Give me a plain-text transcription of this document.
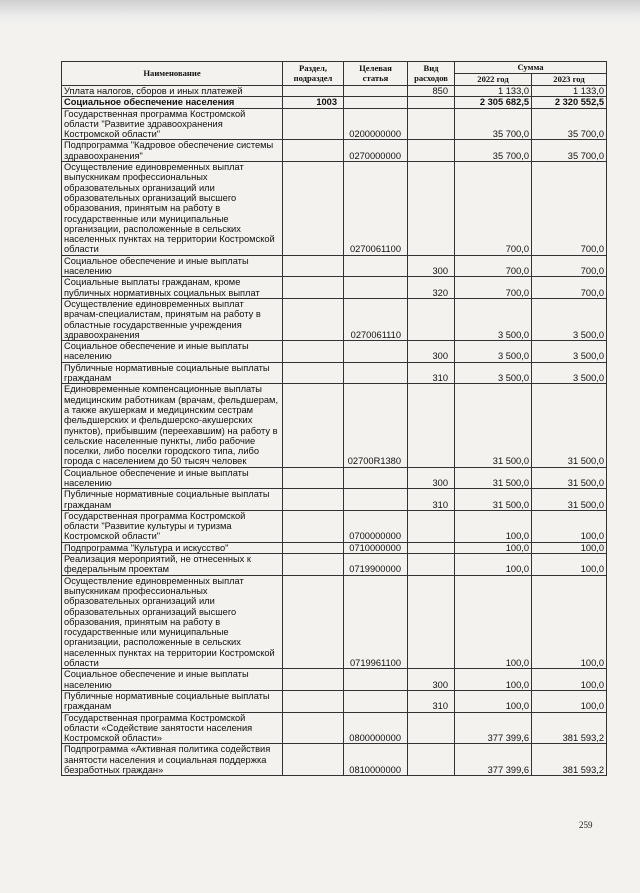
Наименование	Раздел, подраздел	Целевая статья	Вид расходов	Сумма	
				2022 год	2023 год
Уплата налогов, сборов и иных платежей			850	1 133,0	1 133,0
Социальное обеспечение населения	1003			2 305 682,5	2 320 552,5
Государственная программа Костромской области "Развитие здравоохранения Костромской области"		0200000000		35 700,0	35 700,0
Подпрограмма "Кадровое обеспечение системы здравоохранения"		0270000000		35 700,0	35 700,0
Осуществление единовременных выплат выпускникам профессиональных образовательных организаций или образовательных организаций высшего образования, принятым на работу в государственные или муниципальные организации, расположенные в сельских населенных пунктах на территории Костромской области		0270061100		700,0	700,0
Социальное обеспечение и иные выплаты населению			300	700,0	700,0
Социальные выплаты гражданам, кроме публичных нормативных социальных выплат			320	700,0	700,0
Осуществление единовременных выплат врачам-специалистам, принятым на работу в областные государственные учреждения здравоохранения		0270061110		3 500,0	3 500,0
Социальное обеспечение и иные выплаты населению			300	3 500,0	3 500,0
Публичные нормативные социальные выплаты гражданам			310	3 500,0	3 500,0
Единовременные компенсационные выплаты медицинским работникам (врачам, фельдшерам, а также акушеркам и медицинским сестрам фельдшерских и фельдшерско-акушерских пунктов), прибывшим (переехавшим) на работу в сельские населенные пункты, либо рабочие поселки, либо поселки городского типа, либо города с населением до 50 тысяч человек		02700R1380		31 500,0	31 500,0
Социальное обеспечение и иные выплаты населению			300	31 500,0	31 500,0
Публичные нормативные социальные выплаты гражданам			310	31 500,0	31 500,0
Государственная программа Костромской области "Развитие культуры и туризма Костромской области"		0700000000		100,0	100,0
Подпрограмма "Культура и искусство"		0710000000		100,0	100,0
Реализация мероприятий, не отнесенных к федеральным проектам		0719900000		100,0	100,0
Осуществление единовременных выплат выпускникам профессиональных образовательных организаций или образовательных организаций высшего образования, принятым на работу в государственные или муниципальные организации, расположенные в сельских населенных пунктах на территории Костромской области		0719961100		100,0	100,0
Социальное обеспечение и иные выплаты населению			300	100,0	100,0
Публичные нормативные социальные выплаты гражданам			310	100,0	100,0
Государственная программа Костромской области «Содействие занятости населения Костромской области»		0800000000		377 399,6	381 593,2
Подпрограмма «Активная политика содействия занятости населения и социальная поддержка безработных граждан»		0810000000		377 399,6	381 593,2
259
